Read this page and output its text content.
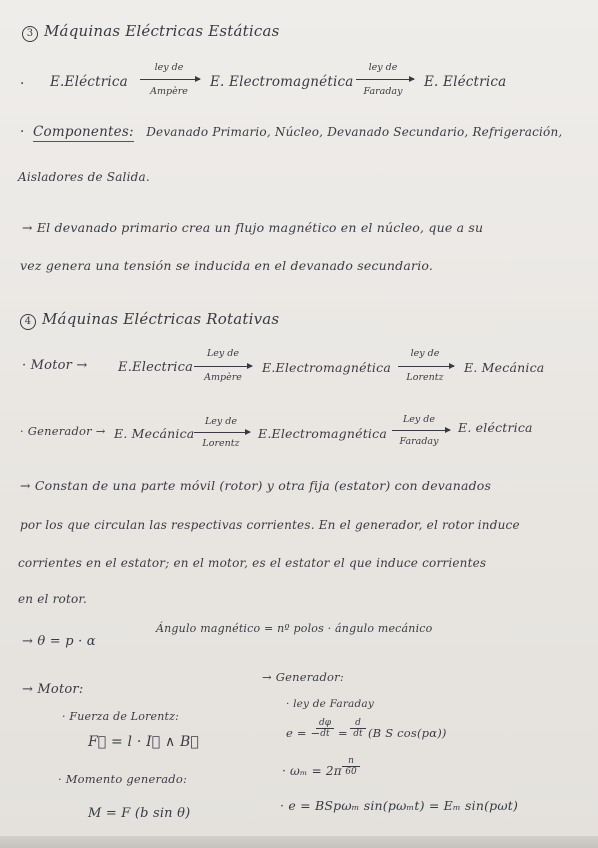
3 Máquinas Eléctricas Estáticas
· E.Eléctrica
ley de
Ampère
E. Electromagnética
ley de
Faraday
E. Eléctrica
· Componentes: Devanado Primario, Núcleo, Devanado Secundario, Refrigeración,
Aisladores de Salida.
→ El devanado primario crea un flujo magnético en el núcleo, que a su
vez genera una tensión se inducida en el devanado secundario.
4 Máquinas Eléctricas Rotativas
· Motor → E.Electrica
Ley de
Ampère
E.Electromagnética
ley de
Lorentz
E. Mecánica
· Generador → E. Mecánica
Ley de
Lorentz
E.Electromagnética
Ley de
Faraday
E. eléctrica
→ Constan de una parte móvil (rotor) y otra fija (estator) con devanados
por los que circulan las respectivas corrientes. En el generador, el rotor induce
corrientes en el estator; en el motor, es el estator el que induce corrientes
en el rotor.
→ θ = p · α
Ángulo magnético = nº polos · ángulo mecánico
→ Motor:
· Fuerza de Lorentz:
F⃗ = l · I⃗ ∧ B⃗
· Momento generado:
M = F (b sin θ)
→ Generador:
· ley de Faraday
e = −
$\frac{d\varphi}{dt} = \frac{d}{dt} (B$ S cos(pα))
· $\omega_m = 2\pi \frac{n}{60}$
· e = BSpωₘ sin(pωₘt) = Eₘ sin(pωt)
